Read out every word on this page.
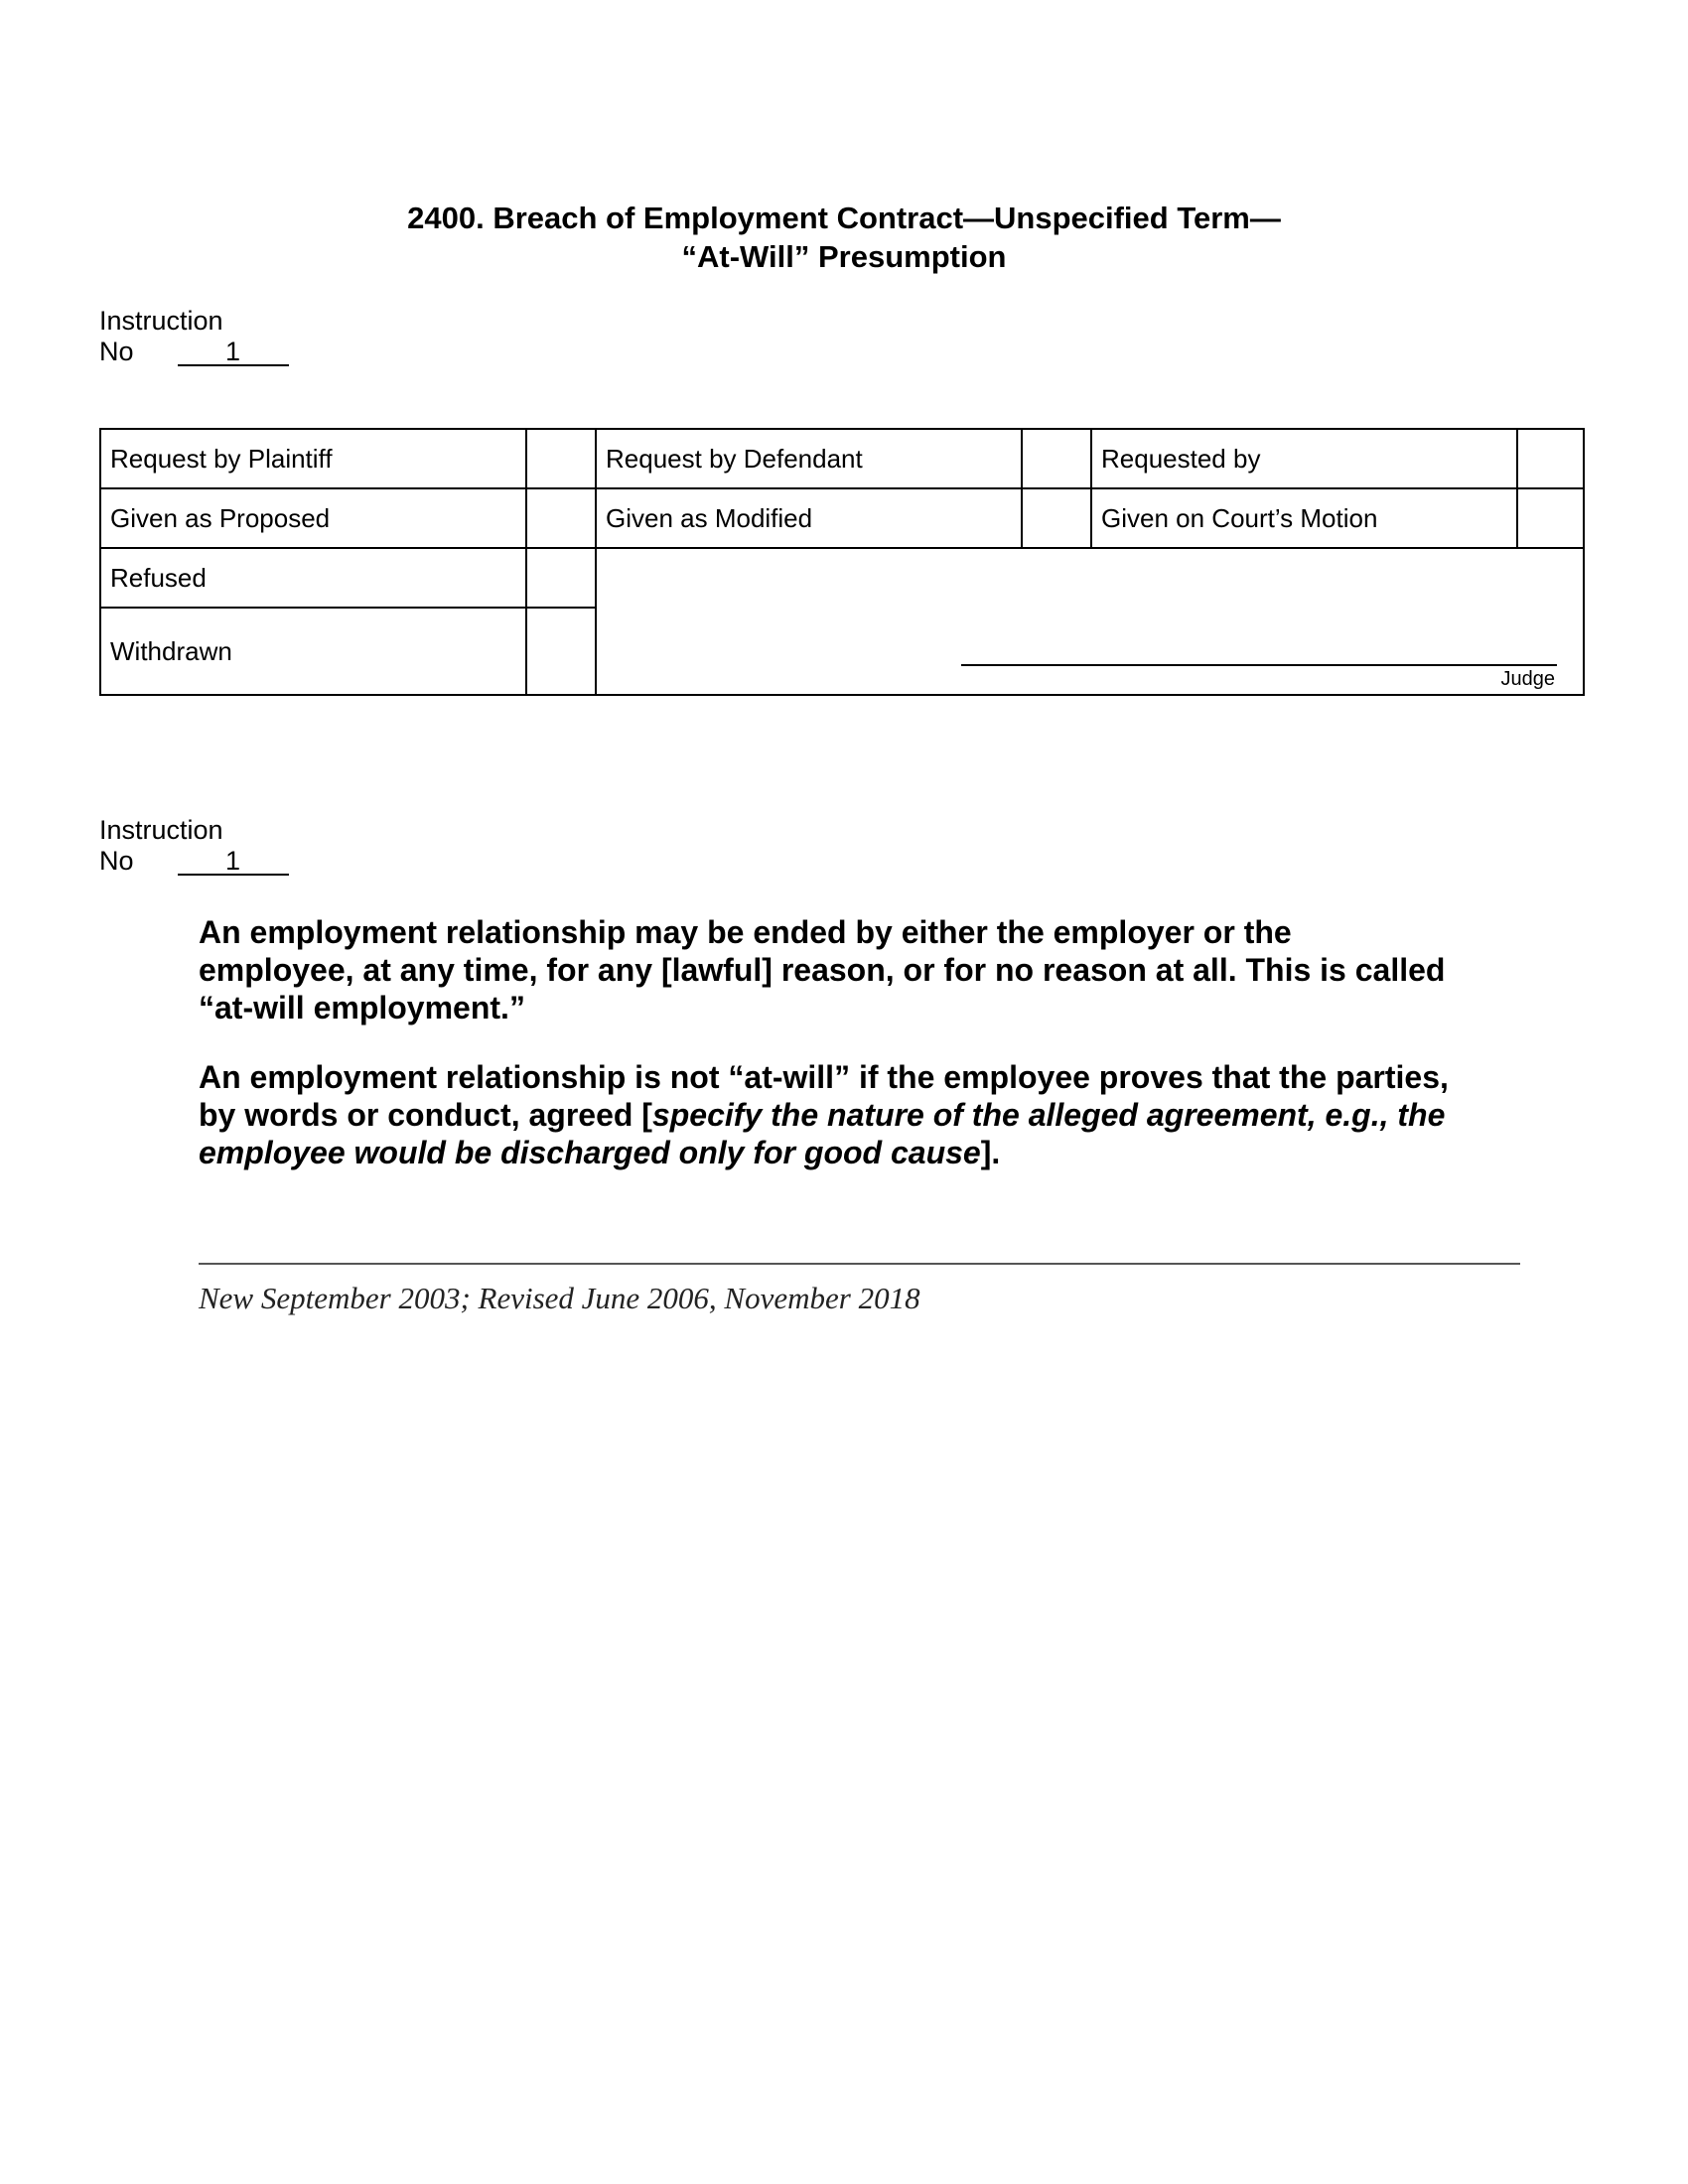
2400. Breach of Employment Contract—Unspecified Term—
“At-Will” Presumption
Instruction
No	1
Request by Plaintiff	Request by Defendant	Requested by
Given as Proposed	Given as Modified	Given on Court’s Motion
Refused
Withdrawn
Judge
Instruction
No	1

An employment relationship may be ended by either the employer or the employee, at any time, for any [lawful] reason, or for no reason at all. This is called “at-will employment.”

An employment relationship is not “at-will” if the employee proves that the parties, by words or conduct, agreed [specify the nature of the alleged agreement, e.g., the employee would be discharged only for good cause].

New September 2003; Revised June 2006, November 2018
